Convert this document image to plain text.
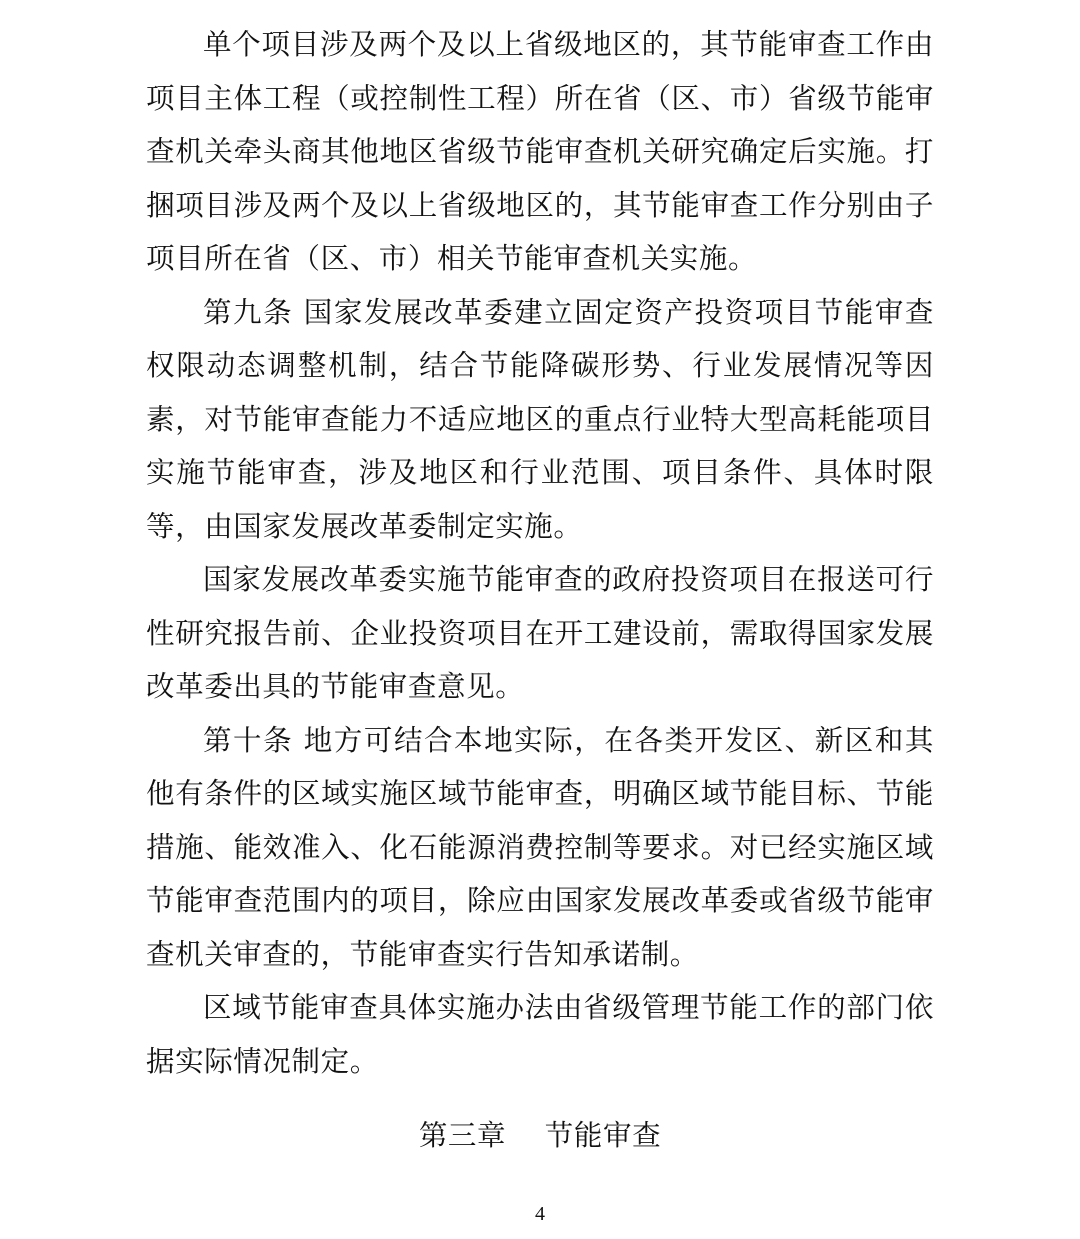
单个项目涉及两个及以上省级地区的，其节能审查工作由项目主体工程（或控制性工程）所在省（区、市）省级节能审查机关牵头商其他地区省级节能审查机关研究确定后实施。打捆项目涉及两个及以上省级地区的，其节能审查工作分别由子项目所在省（区、市）相关节能审查机关实施。

第九条 国家发展改革委建立固定资产投资项目节能审查权限动态调整机制，结合节能降碳形势、行业发展情况等因素，对节能审查能力不适应地区的重点行业特大型高耗能项目实施节能审查，涉及地区和行业范围、项目条件、具体时限等，由国家发展改革委制定实施。

国家发展改革委实施节能审查的政府投资项目在报送可行性研究报告前、企业投资项目在开工建设前，需取得国家发展改革委出具的节能审查意见。

第十条 地方可结合本地实际，在各类开发区、新区和其他有条件的区域实施区域节能审查，明确区域节能目标、节能措施、能效准入、化石能源消费控制等要求。对已经实施区域节能审查范围内的项目，除应由国家发展改革委或省级节能审查机关审查的，节能审查实行告知承诺制。

区域节能审查具体实施办法由省级管理节能工作的部门依据实际情况制定。

第三章    节能审查
4
